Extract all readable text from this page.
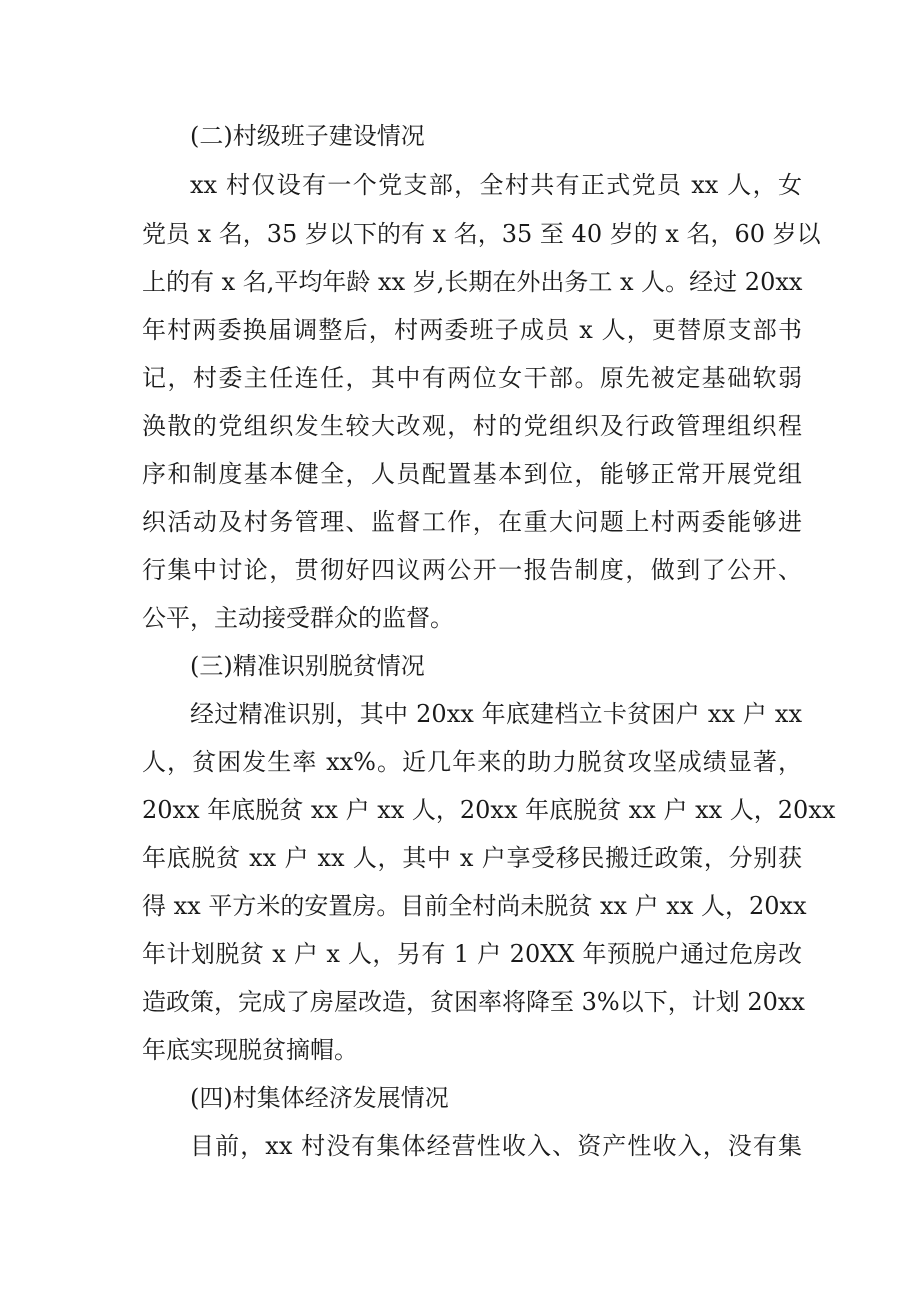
(二)村级班子建设情况
xx 村仅设有一个党支部，全村共有正式党员 xx 人，女
党员 x 名，35 岁以下的有 x 名，35 至 40 岁的 x 名，60 岁以
上的有 x 名,平均年龄 xx 岁,长期在外出务工 x 人。经过 20xx
年村两委换届调整后，村两委班子成员 x 人，更替原支部书
记，村委主任连任，其中有两位女干部。原先被定基础软弱
涣散的党组织发生较大改观，村的党组织及行政管理组织程
序和制度基本健全，人员配置基本到位，能够正常开展党组
织活动及村务管理、监督工作，在重大问题上村两委能够进
行集中讨论，贯彻好四议两公开一报告制度，做到了公开、
公平，主动接受群众的监督。
(三)精准识别脱贫情况
经过精准识别，其中 20xx 年底建档立卡贫困户 xx 户 xx
人，贫困发生率 xx%。近几年来的助力脱贫攻坚成绩显著，
20xx 年底脱贫 xx 户 xx 人，20xx 年底脱贫 xx 户 xx 人，20xx
年底脱贫 xx 户 xx 人，其中 x 户享受移民搬迁政策，分别获
得 xx 平方米的安置房。目前全村尚未脱贫 xx 户 xx 人，20xx
年计划脱贫 x 户 x 人，另有 1 户 20XX 年预脱户通过危房改
造政策，完成了房屋改造，贫困率将降至 3%以下，计划 20xx
年底实现脱贫摘帽。
(四)村集体经济发展情况
目前，xx 村没有集体经营性收入、资产性收入，没有集
